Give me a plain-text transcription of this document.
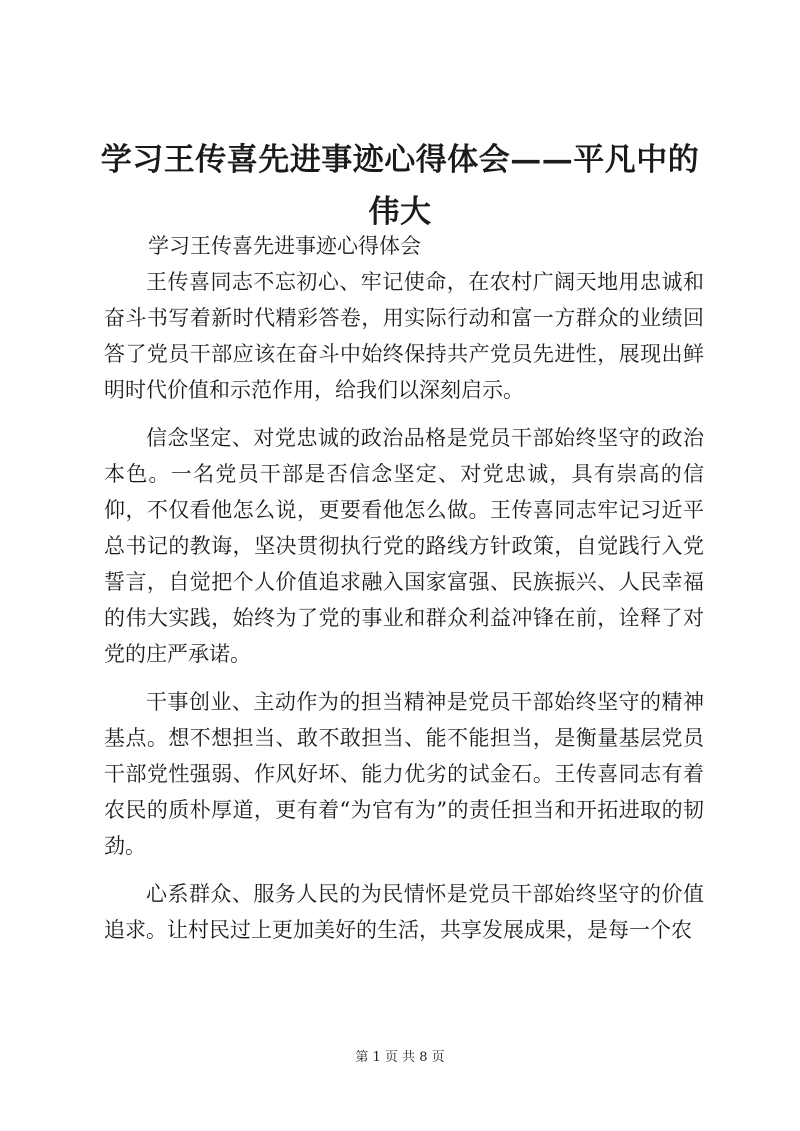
学习王传喜先进事迹心得体会——平凡中的伟大

学习王传喜先进事迹心得体会

王传喜同志不忘初心、牢记使命，在农村广阔天地用忠诚和奋斗书写着新时代精彩答卷，用实际行动和富一方群众的业绩回答了党员干部应该在奋斗中始终保持共产党员先进性，展现出鲜明时代价值和示范作用，给我们以深刻启示。

信念坚定、对党忠诚的政治品格是党员干部始终坚守的政治本色。一名党员干部是否信念坚定、对党忠诚，具有崇高的信仰，不仅看他怎么说，更要看他怎么做。王传喜同志牢记习近平总书记的教诲，坚决贯彻执行党的路线方针政策，自觉践行入党誓言，自觉把个人价值追求融入国家富强、民族振兴、人民幸福的伟大实践，始终为了党的事业和群众利益冲锋在前，诠释了对党的庄严承诺。

干事创业、主动作为的担当精神是党员干部始终坚守的精神基点。想不想担当、敢不敢担当、能不能担当，是衡量基层党员干部党性强弱、作风好坏、能力优劣的试金石。王传喜同志有着农民的质朴厚道，更有着“为官有为”的责任担当和开拓进取的韧劲。

心系群众、服务人民的为民情怀是党员干部始终坚守的价值追求。让村民过上更加美好的生活，共享发展成果，是每一个农

第 1 页 共 8 页
